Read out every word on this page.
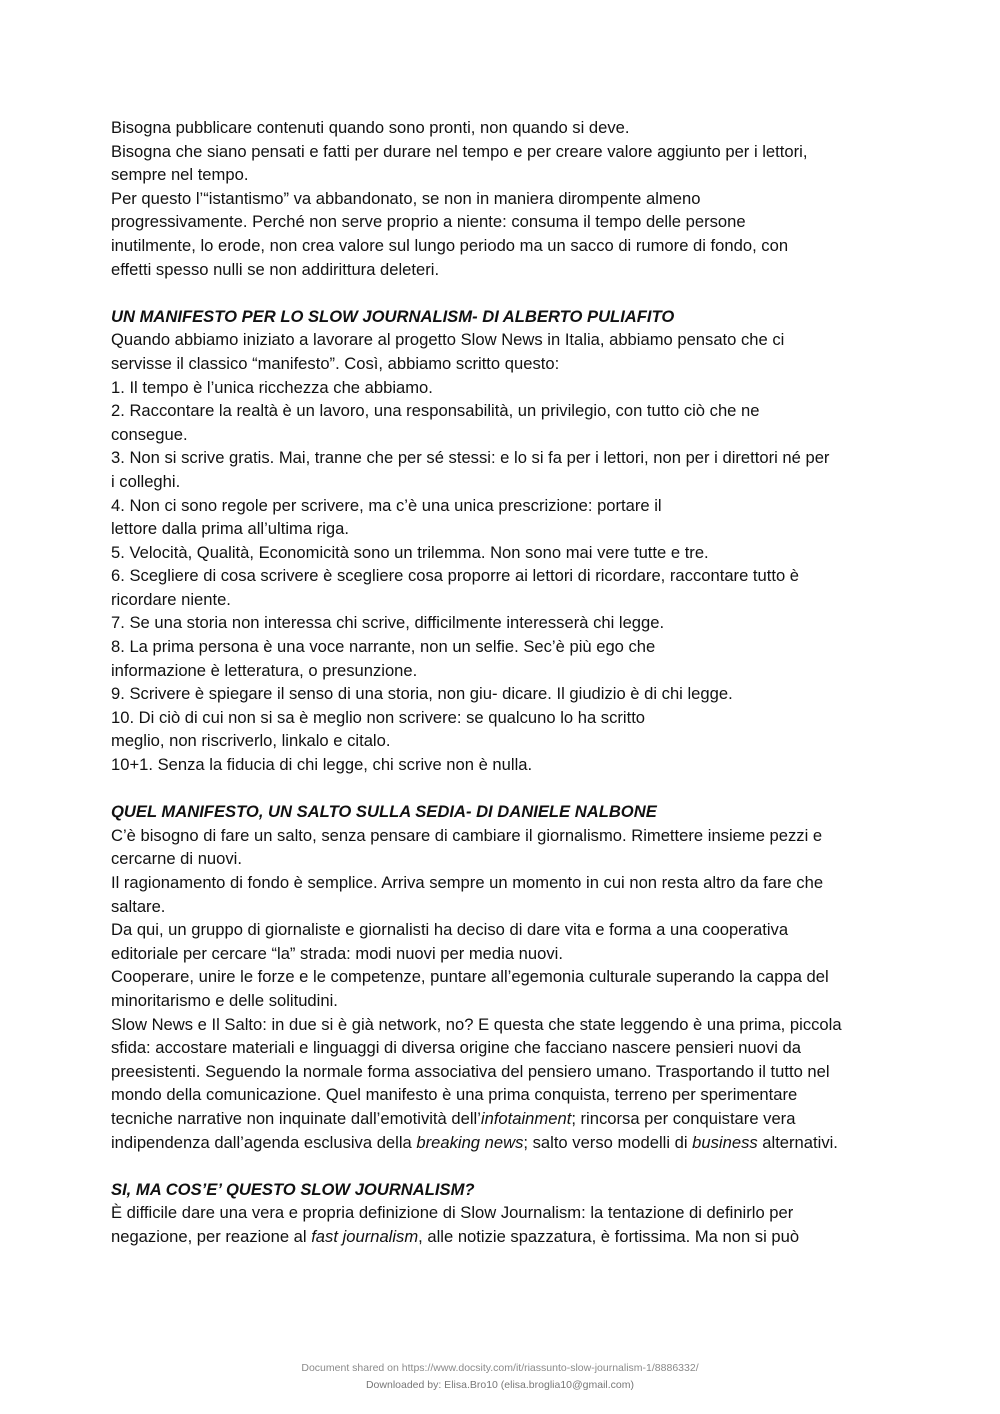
Bisogna pubblicare contenuti quando sono pronti, non quando si deve.
Bisogna che siano pensati e fatti per durare nel tempo e per creare valore aggiunto per i lettori,
sempre nel tempo.
Per questo l’“istantismo” va abbandonato, se non in maniera dirompente almeno
progressivamente. Perché non serve proprio a niente: consuma il tempo delle persone
inutilmente, lo erode, non crea valore sul lungo periodo ma un sacco di rumore di fondo, con
effetti spesso nulli se non addirittura deleteri.
UN MANIFESTO PER LO SLOW JOURNALISM- DI ALBERTO PULIAFITO
Quando abbiamo iniziato a lavorare al progetto Slow News in Italia, abbiamo pensato che ci
servisse il classico “manifesto”. Così, abbiamo scritto questo:
1. Il tempo è l’unica ricchezza che abbiamo.
2. Raccontare la realtà è un lavoro, una responsabilità, un privilegio, con tutto ciò che ne
consegue.
3. Non si scrive gratis. Mai, tranne che per sé stessi: e lo si fa per i lettori, non per i direttori né per
i colleghi.
4. Non ci sono regole per scrivere, ma c’è una unica prescrizione: portare il
lettore dalla prima all’ultima riga.
5. Velocità, Qualità, Economicità sono un trilemma. Non sono mai vere tutte e tre.
6. Scegliere di cosa scrivere è scegliere cosa proporre ai lettori di ricordare, raccontare tutto è
ricordare niente.
7. Se una storia non interessa chi scrive, difficilmente interesserà chi legge.
8. La prima persona è una voce narrante, non un selfie. Sec’è più ego che
informazione è letteratura, o presunzione.
9. Scrivere è spiegare il senso di una storia, non giu- dicare. Il giudizio è di chi legge.
10. Di ciò di cui non si sa è meglio non scrivere: se qualcuno lo ha scritto
meglio, non riscriverlo, linkalo e citalo.
10+1. Senza la fiducia di chi legge, chi scrive non è nulla.
QUEL MANIFESTO, UN SALTO SULLA SEDIA- DI DANIELE NALBONE
C’è bisogno di fare un salto, senza pensare di cambiare il giornalismo. Rimettere insieme pezzi e
cercarne di nuovi.
Il ragionamento di fondo è semplice. Arriva sempre un momento in cui non resta altro da fare che
saltare.
Da qui, un gruppo di giornaliste e giornalisti ha deciso di dare vita e forma a una cooperativa
editoriale per cercare “la” strada: modi nuovi per media nuovi.
Cooperare, unire le forze e le competenze, puntare all’egemonia culturale superando la cappa del
minoritarismo e delle solitudini.
Slow News e Il Salto: in due si è già network, no? E questa che state leggendo è una prima, piccola
sfida: accostare materiali e linguaggi di diversa origine che facciano nascere pensieri nuovi da
preesistenti. Seguendo la normale forma associativa del pensiero umano. Trasportando il tutto nel
mondo della comunicazione. Quel manifesto è una prima conquista, terreno per sperimentare
tecniche narrative non inquinate dall’emotività dell’infotainment; rincorsa per conquistare vera
indipendenza dall’agenda esclusiva della breaking news; salto verso modelli di business alternativi.
SI, MA COS’E’ QUESTO SLOW JOURNALISM?
È difficile dare una vera e propria definizione di Slow Journalism: la tentazione di definirlo per
negazione, per reazione al fast journalism, alle notizie spazzatura, è fortissima. Ma non si può
Document shared on https://www.docsity.com/it/riassunto-slow-journalism-1/8886332/
Downloaded by: Elisa.Bro10 (elisa.broglia10@gmail.com)
